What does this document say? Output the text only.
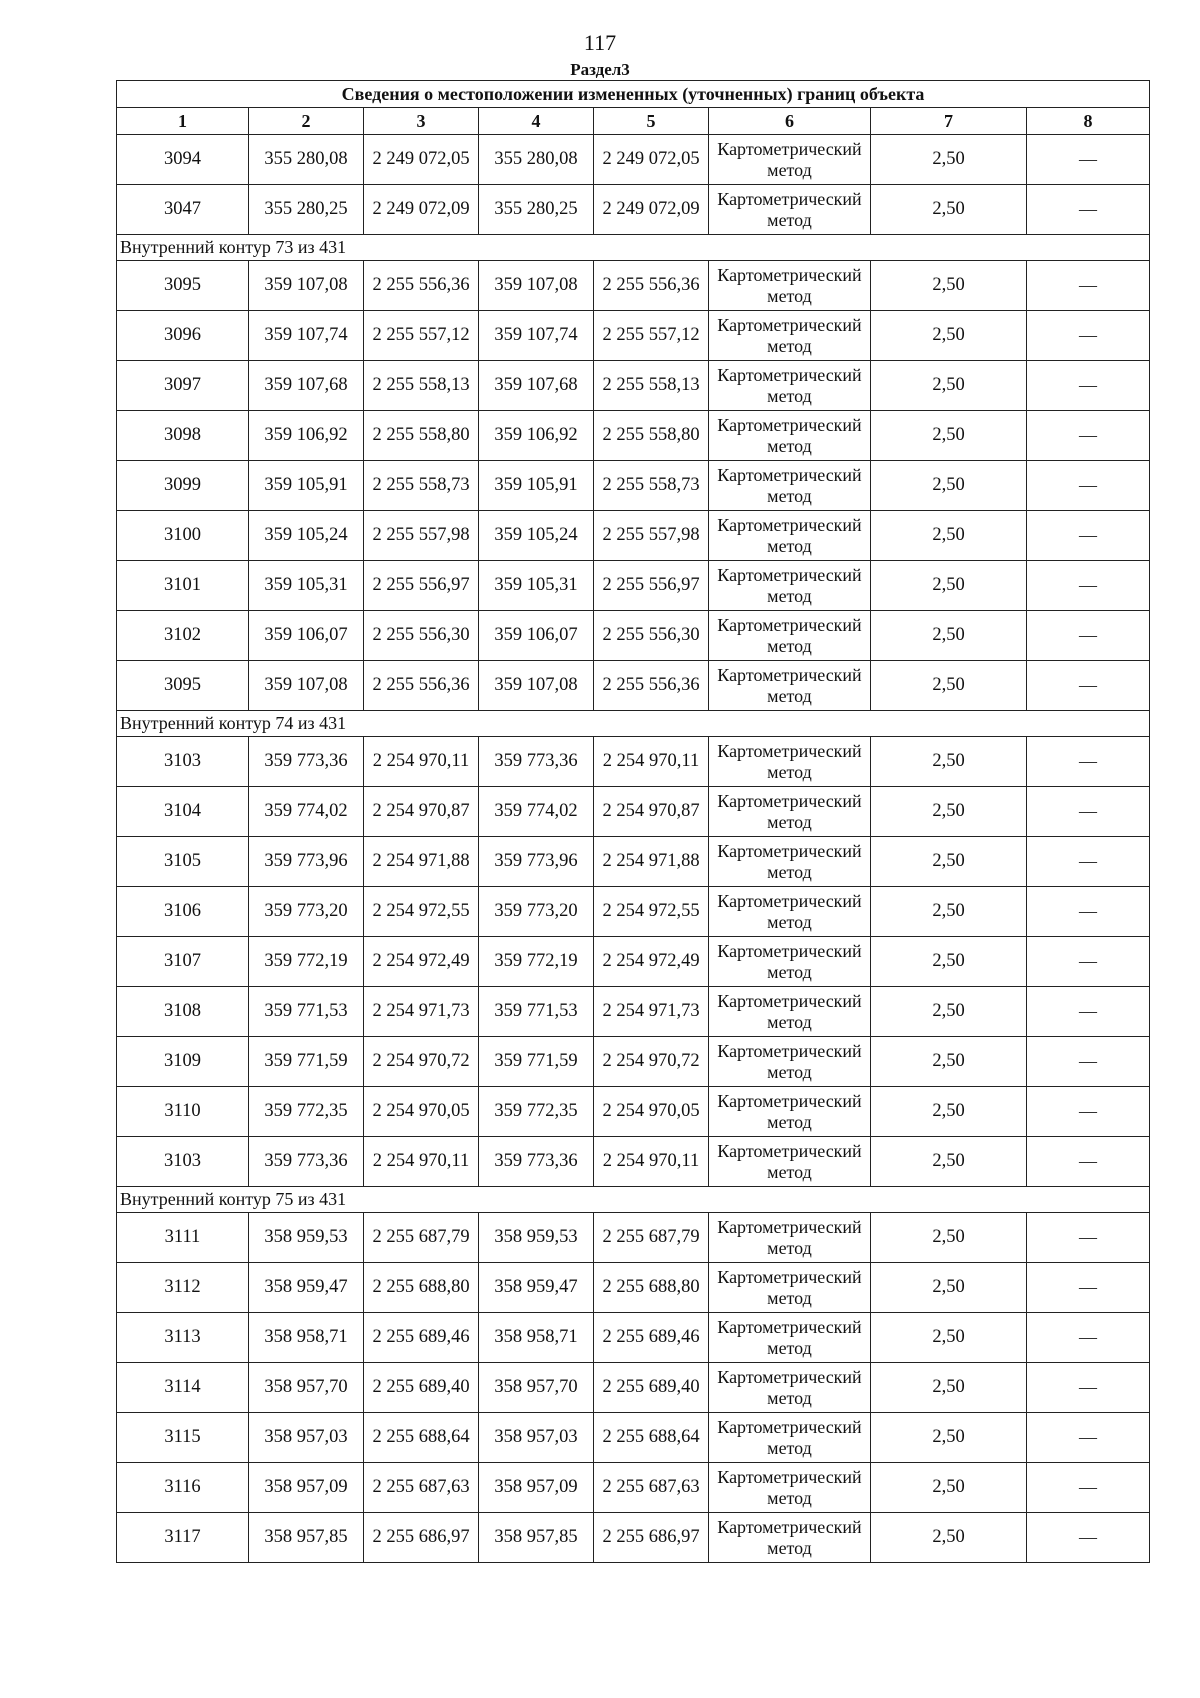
117
Раздел3
Сведения о местоположении измененных (уточненных) границ объекта							
1	2	3	4	5	6	7	8
3094	355 280,08	2 249 072,05	355 280,08	2 249 072,05	Картометрический метод	2,50	—
3047	355 280,25	2 249 072,09	355 280,25	2 249 072,09	Картометрический метод	2,50	—
Внутренний контур 73 из 431							
3095	359 107,08	2 255 556,36	359 107,08	2 255 556,36	Картометрический метод	2,50	—
3096	359 107,74	2 255 557,12	359 107,74	2 255 557,12	Картометрический метод	2,50	—
3097	359 107,68	2 255 558,13	359 107,68	2 255 558,13	Картометрический метод	2,50	—
3098	359 106,92	2 255 558,80	359 106,92	2 255 558,80	Картометрический метод	2,50	—
3099	359 105,91	2 255 558,73	359 105,91	2 255 558,73	Картометрический метод	2,50	—
3100	359 105,24	2 255 557,98	359 105,24	2 255 557,98	Картометрический метод	2,50	—
3101	359 105,31	2 255 556,97	359 105,31	2 255 556,97	Картометрический метод	2,50	—
3102	359 106,07	2 255 556,30	359 106,07	2 255 556,30	Картометрический метод	2,50	—
3095	359 107,08	2 255 556,36	359 107,08	2 255 556,36	Картометрический метод	2,50	—
Внутренний контур 74 из 431							
3103	359 773,36	2 254 970,11	359 773,36	2 254 970,11	Картометрический метод	2,50	—
3104	359 774,02	2 254 970,87	359 774,02	2 254 970,87	Картометрический метод	2,50	—
3105	359 773,96	2 254 971,88	359 773,96	2 254 971,88	Картометрический метод	2,50	—
3106	359 773,20	2 254 972,55	359 773,20	2 254 972,55	Картометрический метод	2,50	—
3107	359 772,19	2 254 972,49	359 772,19	2 254 972,49	Картометрический метод	2,50	—
3108	359 771,53	2 254 971,73	359 771,53	2 254 971,73	Картометрический метод	2,50	—
3109	359 771,59	2 254 970,72	359 771,59	2 254 970,72	Картометрический метод	2,50	—
3110	359 772,35	2 254 970,05	359 772,35	2 254 970,05	Картометрический метод	2,50	—
3103	359 773,36	2 254 970,11	359 773,36	2 254 970,11	Картометрический метод	2,50	—
Внутренний контур 75 из 431							
3111	358 959,53	2 255 687,79	358 959,53	2 255 687,79	Картометрический метод	2,50	—
3112	358 959,47	2 255 688,80	358 959,47	2 255 688,80	Картометрический метод	2,50	—
3113	358 958,71	2 255 689,46	358 958,71	2 255 689,46	Картометрический метод	2,50	—
3114	358 957,70	2 255 689,40	358 957,70	2 255 689,40	Картометрический метод	2,50	—
3115	358 957,03	2 255 688,64	358 957,03	2 255 688,64	Картометрический метод	2,50	—
3116	358 957,09	2 255 687,63	358 957,09	2 255 687,63	Картометрический метод	2,50	—
3117	358 957,85	2 255 686,97	358 957,85	2 255 686,97	Картометрический метод	2,50	—
